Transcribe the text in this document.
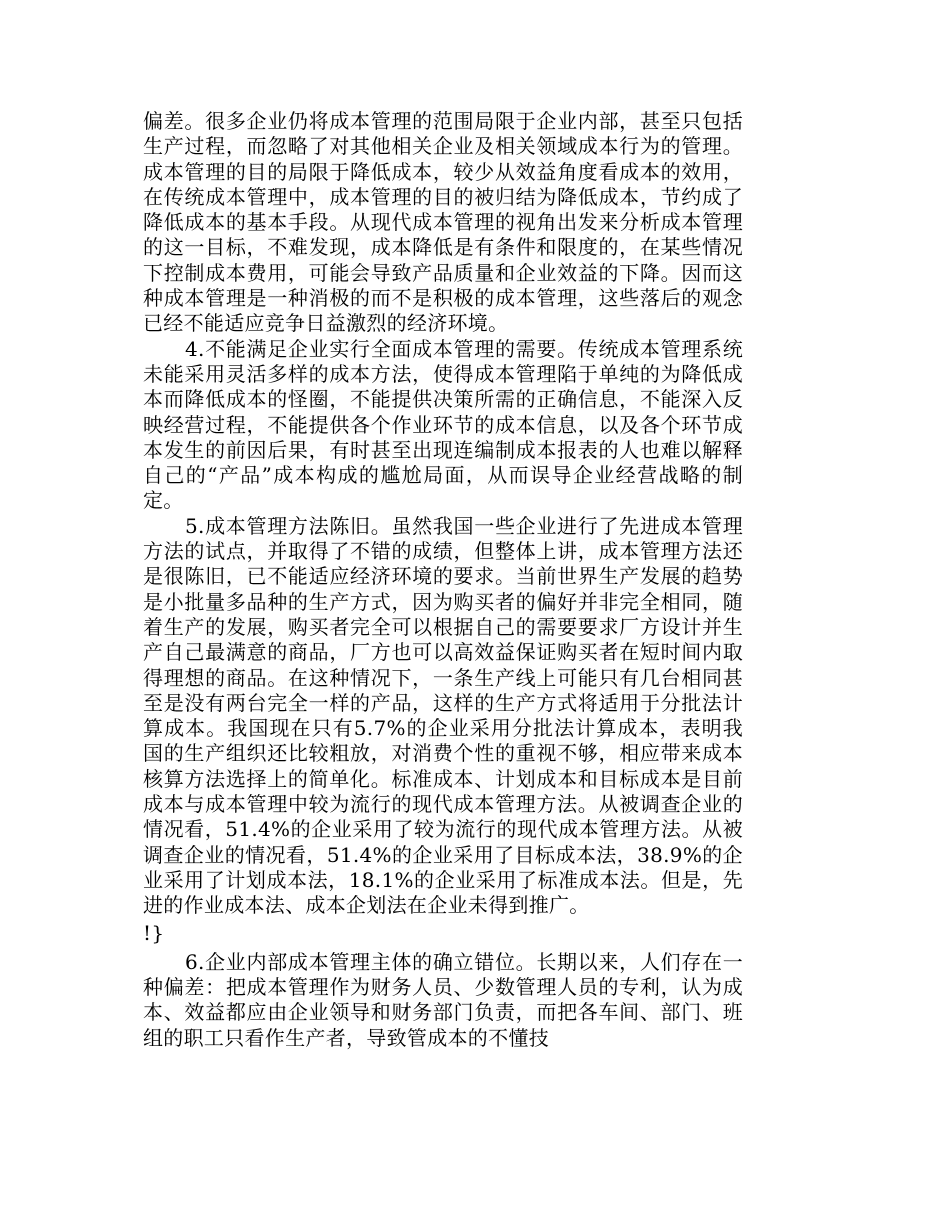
偏差。很多企业仍将成本管理的范围局限于企业内部，甚至只包括生产过程，而忽略了对其他相关企业及相关领域成本行为的管理。成本管理的目的局限于降低成本，较少从效益角度看成本的效用，在传统成本管理中，成本管理的目的被归结为降低成本，节约成了降低成本的基本手段。从现代成本管理的视角出发来分析成本管理的这一目标，不难发现，成本降低是有条件和限度的，在某些情况下控制成本费用，可能会导致产品质量和企业效益的下降。因而这种成本管理是一种消极的而不是积极的成本管理，这些落后的观念已经不能适应竞争日益激烈的经济环境。

4.不能满足企业实行全面成本管理的需要。传统成本管理系统未能采用灵活多样的成本方法，使得成本管理陷于单纯的为降低成本而降低成本的怪圈，不能提供决策所需的正确信息，不能深入反映经营过程，不能提供各个作业环节的成本信息，以及各个环节成本发生的前因后果，有时甚至出现连编制成本报表的人也难以解释自己的“产品”成本构成的尴尬局面，从而误导企业经营战略的制定。

5.成本管理方法陈旧。虽然我国一些企业进行了先进成本管理方法的试点，并取得了不错的成绩，但整体上讲，成本管理方法还是很陈旧，已不能适应经济环境的要求。当前世界生产发展的趋势是小批量多品种的生产方式，因为购买者的偏好并非完全相同，随着生产的发展，购买者完全可以根据自己的需要要求厂方设计并生产自己最满意的商品，厂方也可以高效益保证购买者在短时间内取得理想的商品。在这种情况下，一条生产线上可能只有几台相同甚至是没有两台完全一样的产品，这样的生产方式将适用于分批法计算成本。我国现在只有5.7%的企业采用分批法计算成本，表明我国的生产组织还比较粗放，对消费个性的重视不够，相应带来成本核算方法选择上的简单化。标准成本、计划成本和目标成本是目前成本与成本管理中较为流行的现代成本管理方法。从被调查企业的情况看，51.4%的企业采用了较为流行的现代成本管理方法。从被调查企业的情况看，51.4%的企业采用了目标成本法，38.9%的企业采用了计划成本法，18.1%的企业采用了标准成本法。但是，先进的作业成本法、成本企划法在企业未得到推广。

!}

6.企业内部成本管理主体的确立错位。长期以来，人们存在一种偏差：把成本管理作为财务人员、少数管理人员的专利，认为成本、效益都应由企业领导和财务部门负责，而把各车间、部门、班组的职工只看作生产者，导致管成本的不懂技
